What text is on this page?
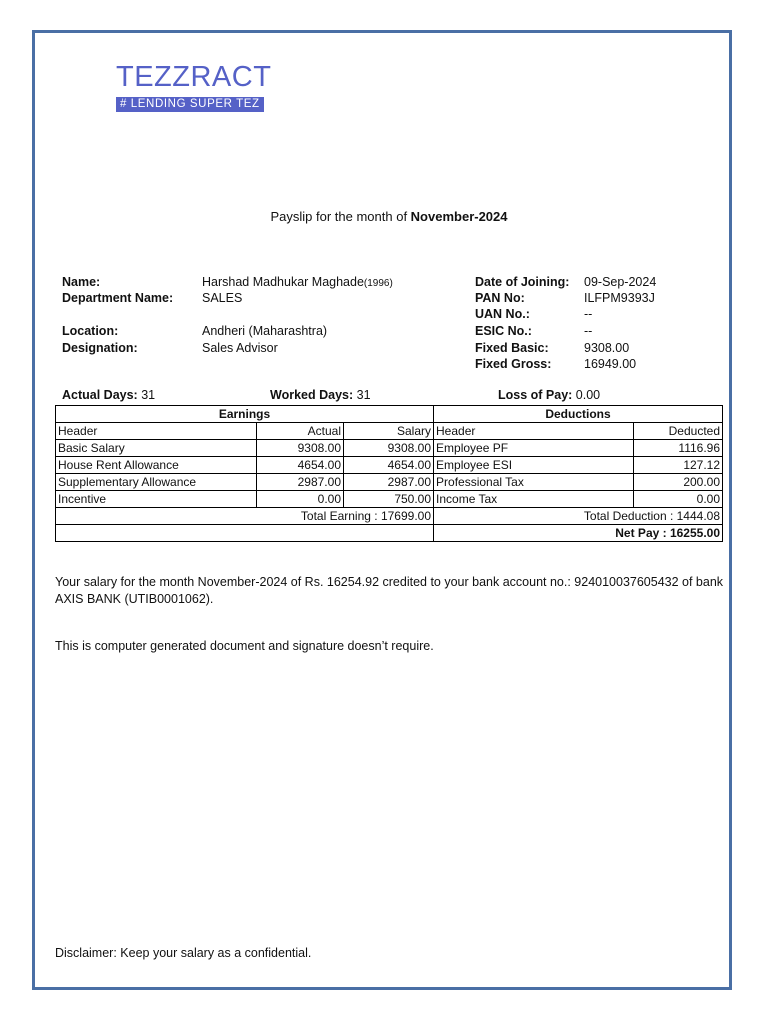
TEZZRACT
# LENDING SUPER TEZ
Payslip for the month of November-2024
Name:	Harshad Madhukar Maghade(1996)
Department Name: SALES
Location:	Andheri (Maharashtra)
Designation:	Sales Advisor
Date of Joining: 09-Sep-2024
PAN No:	ILFPM9393J
UAN No.:	--
ESIC No.:	--
Fixed Basic:	9308.00
Fixed Gross:	16949.00
Actual Days: 31	Worked Days: 31	Loss of Pay: 0.00
Earnings			Deductions	
Header	Actual	Salary	Header	Deducted
Basic Salary	9308.00	9308.00	Employee PF	1116.96
House Rent Allowance	4654.00	4654.00	Employee ESI	127.12
Supplementary Allowance	2987.00	2987.00	Professional Tax	200.00
Incentive	0.00	750.00	Income Tax	0.00
Total Earning : 17699.00			Total Deduction : 1444.08	
			Net Pay : 16255.00	
Your salary for the month November-2024 of Rs. 16254.92 credited to your bank account no.: 924010037605432 of bank AXIS BANK (UTIB0001062).
This is computer generated document and signature doesn’t require.
Disclaimer: Keep your salary as a confidential.
